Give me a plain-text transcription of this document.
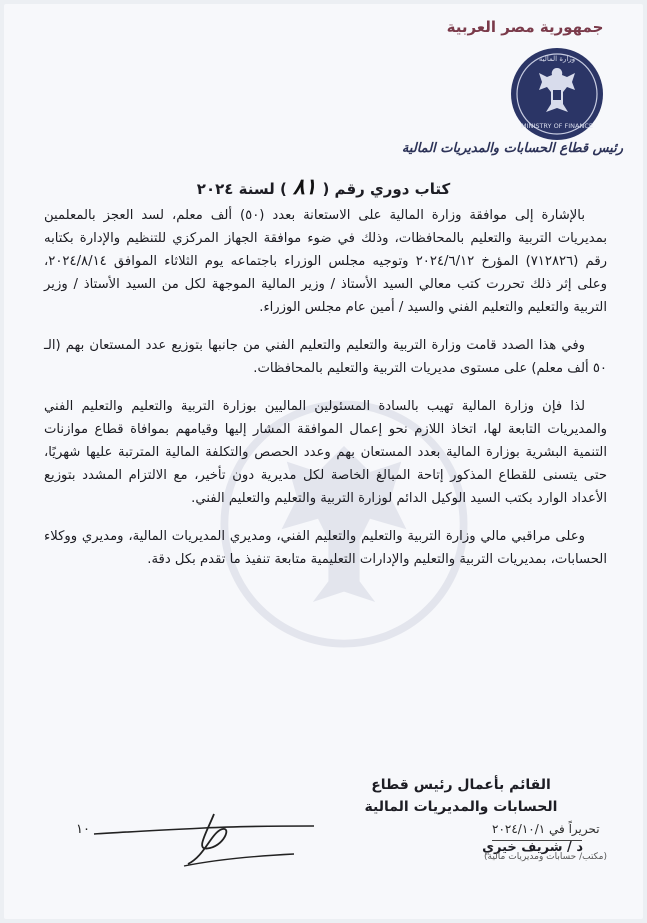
جمهورية مصر العربية
MINISTRY OF FINANCE
وزارة المالية
رئيس قطاع الحسابات والمديريات المالية
كتاب دوري رقم (٨١) لسنة ٢٠٢٤

بالإشارة إلى موافقة وزارة المالية على الاستعانة بعدد (٥٠) ألف معلم، لسد العجز بالمعلمين بمديريات التربية والتعليم بالمحافظات، وذلك في ضوء موافقة الجهاز المركزي للتنظيم والإدارة بكتابه رقم (٧١٢٨٢٦) المؤرخ ٢٠٢٤/٦/١٢ وتوجيه مجلس الوزراء باجتماعه يوم الثلاثاء الموافق ٢٠٢٤/٨/١٤، وعلى إثر ذلك تحررت كتب معالي السيد الأستاذ / وزير المالية الموجهة لكل من السيد الأستاذ / وزير التربية والتعليم والتعليم الفني والسيد / أمين عام مجلس الوزراء.

وفي هذا الصدد قامت وزارة التربية والتعليم والتعليم الفني من جانبها بتوزيع عدد المستعان بهم (الـ ٥٠ ألف معلم) على مستوى مديريات التربية والتعليم بالمحافظات.

لذا فإن وزارة المالية تهيب بالسادة المسئولين الماليين بوزارة التربية والتعليم والتعليم الفني والمديريات التابعة لها، اتخاذ اللازم نحو إعمال الموافقة المشار إليها وقيامهم بموافاة قطاع موازنات التنمية البشرية بوزارة المالية بعدد المستعان بهم وعدد الحصص والتكلفة المالية المترتبة عليها شهريًا، حتى يتسنى للقطاع المذكور إتاحة المبالغ الخاصة لكل مديرية دون تأخير، مع الالتزام المشدد بتوزيع الأعداد الوارد بكتب السيد الوكيل الدائم لوزارة التربية والتعليم والتعليم الفني.

وعلى مراقبي مالي وزارة التربية والتعليم والتعليم الفني، ومديري المديريات المالية، ومديري ووكلاء الحسابات، بمديريات التربية والتعليم والإدارات التعليمية متابعة تنفيذ ما تقدم بكل دقة.

القائم بأعمال رئيس قطاع
الحسابات والمديريات المالية
١٠
د / شريف خيري
تحريراً في ٢٠٢٤/١٠/١
(مكتب/ حسابات ومديريات مالية)
